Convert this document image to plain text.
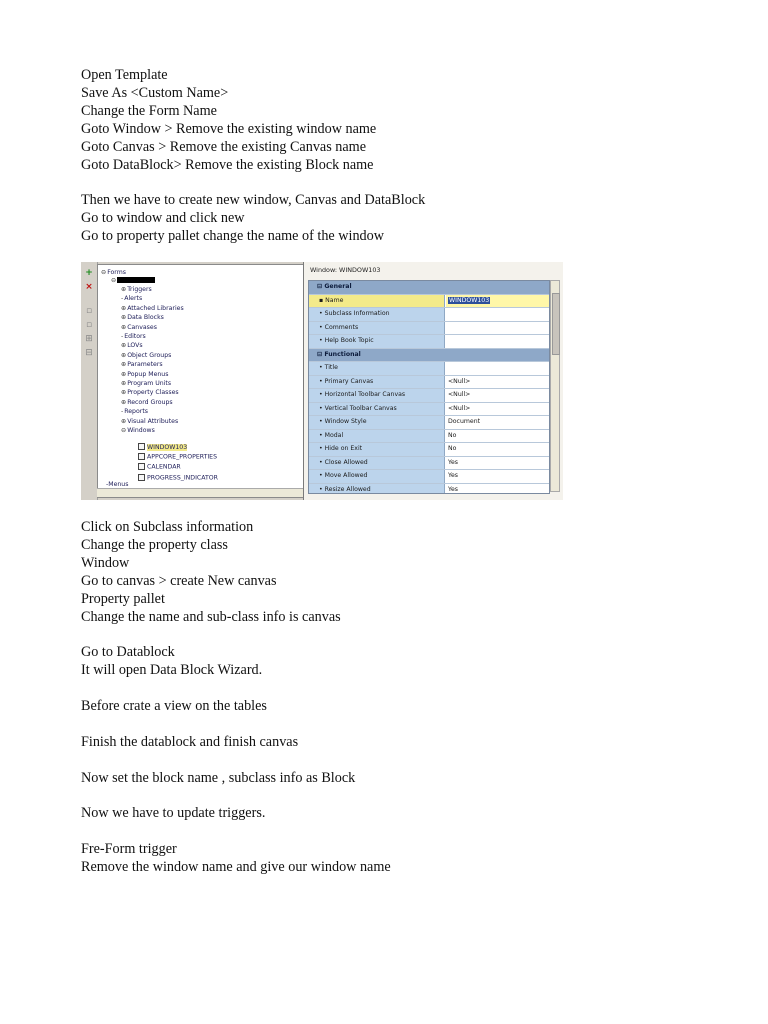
Open Template
Save As <Custom Name>
Change the Form Name
Goto Window > Remove the existing window name
Goto Canvas > Remove the existing Canvas name
Goto DataBlock> Remove the existing Block name
Then we have to create new window, Canvas and DataBlock
Go to window and click new
Go to property pallet change the name of the window
+
×
▫
▫
⊞
⊟
⊖Forms
⊖
⊕Triggers
-Alerts
⊕Attached Libraries
⊕Data Blocks
⊕Canvases
-Editors
⊕LOVs
⊕Object Groups
⊕Parameters
⊕Popup Menus
⊕Program Units
⊕Property Classes
⊕Record Groups
-Reports
⊕Visual Attributes
⊖Windows
WINDOW103
APPCORE_PROPERTIES
CALENDAR
PROGRESS_INDICATOR
-Menus
Window: WINDOW103
⊟ General
▪ Name	WINDOW103
• Subclass Information
• Comments
• Help Book Topic
⊟ Functional
• Title
• Primary Canvas	<Null>
• Horizontal Toolbar Canvas	<Null>
• Vertical Toolbar Canvas	<Null>
• Window Style	Document
• Modal	No
• Hide on Exit	No
• Close Allowed	Yes
• Move Allowed	Yes
• Resize Allowed	Yes
Click on Subclass information
Change the property class
Window
Go to canvas > create New canvas
Property pallet
Change the name and sub-class info is canvas
Go to Datablock
It will open Data Block Wizard.
Before crate a view on the tables
Finish the datablock and finish canvas
Now set the block name , subclass info as Block
Now we have to update triggers.
Fre-Form trigger
Remove the window name and give our window name
